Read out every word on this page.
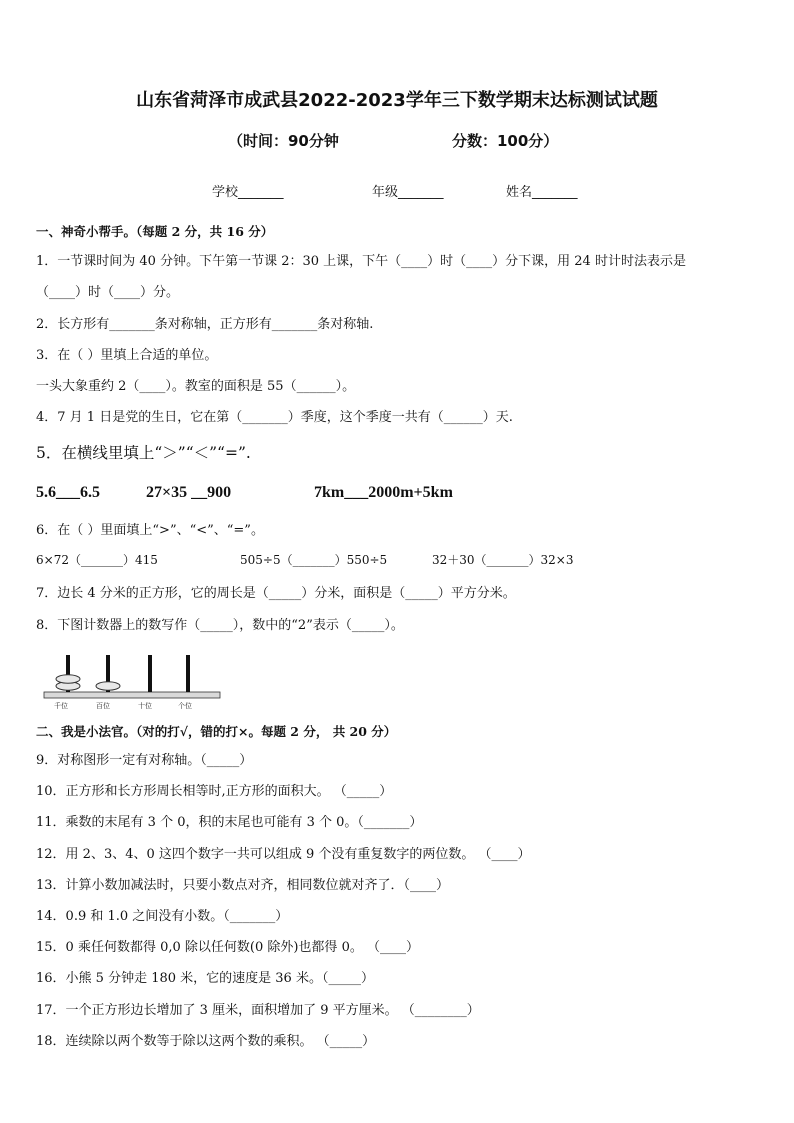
山东省菏泽市成武县2022-2023学年三下数学期末达标测试试题
（时间：90分钟	分数：100分）
学校_______	年级_______	姓名_______
一、神奇小帮手。（每题 2 分，共 16 分）
1．一节课时间为 40 分钟。下午第一节课 2：30 上课，下午（____）时（____）分下课，用 24 时计时法表示是
（____）时（____）分。
2．长方形有_______条对称轴，正方形有_______条对称轴.
3．在（ ）里填上合适的单位。
一头大象重约 2（____）。教室的面积是 55（______）。
4．7 月 1 日是党的生日，它在第（_______）季度，这个季度一共有（______）天.
5．在横线里填上“＞”“＜”“=”.
5.6___6.5	27×35 __900	7km___2000m+5km
6．在（ ）里面填上“>”、“<”、“=”。
6×72（_______）415	505÷5（_______）550÷5	32＋30（_______）32×3
7．边长 4 分米的正方形，它的周长是（_____）分米，面积是（_____）平方分米。
8．下图计数器上的数写作（_____），数中的“2”表示（_____）。
千位	百位	十位	个位
二、我是小法官。（对的打√，错的打×。每题 2 分， 共 20 分）
9．对称图形一定有对称轴。（_____）
10．正方形和长方形周长相等时,正方形的面积大。 （_____）
11．乘数的末尾有 3 个 0，积的末尾也可能有 3 个 0。（_______）
12．用 2、3、4、0 这四个数字一共可以组成 9 个没有重复数字的两位数。 （____）
13．计算小数加减法时，只要小数点对齐，相同数位就对齐了．（____）
14．0.9 和 1.0 之间没有小数。（_______）
15．0 乘任何数都得 0,0 除以任何数(0 除外)也都得 0。 （____）
16．小熊 5 分钟走 180 米，它的速度是 36 米。（_____）
17．一个正方形边长增加了 3 厘米，面积增加了 9 平方厘米。 （________）
18．连续除以两个数等于除以这两个数的乘积。 （_____）
